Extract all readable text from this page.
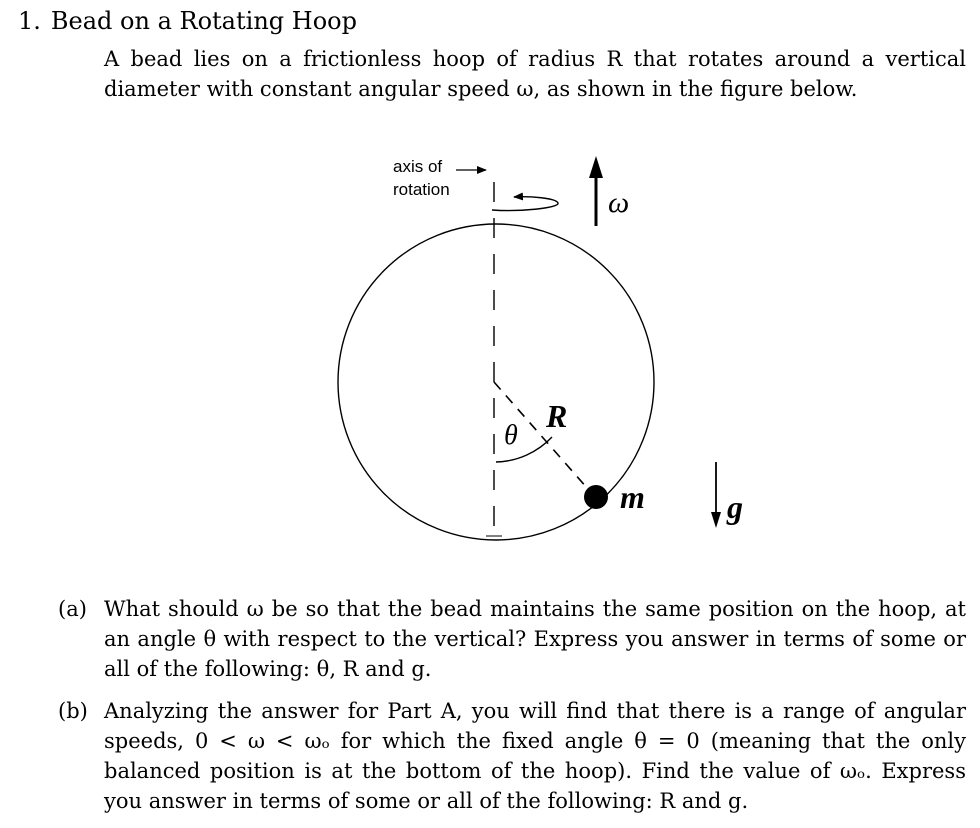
1. Bead on a Rotating Hoop
A bead lies on a frictionless hoop of radius R that rotates around a vertical diameter with constant angular speed ω, as shown in the figure below.
axis of
rotation	ω
R
θ
m	g
(a) What should ω be so that the bead maintains the same position on the hoop, at an angle θ with respect to the vertical? Express you answer in terms of some or all of the following: θ, R and g.
(b) Analyzing the answer for Part A, you will find that there is a range of angular speeds, 0 < ω < ωₒ for which the fixed angle θ = 0 (meaning that the only balanced position is at the bottom of the hoop). Find the value of ωₒ. Express you answer in terms of some or all of the following: R and g.
